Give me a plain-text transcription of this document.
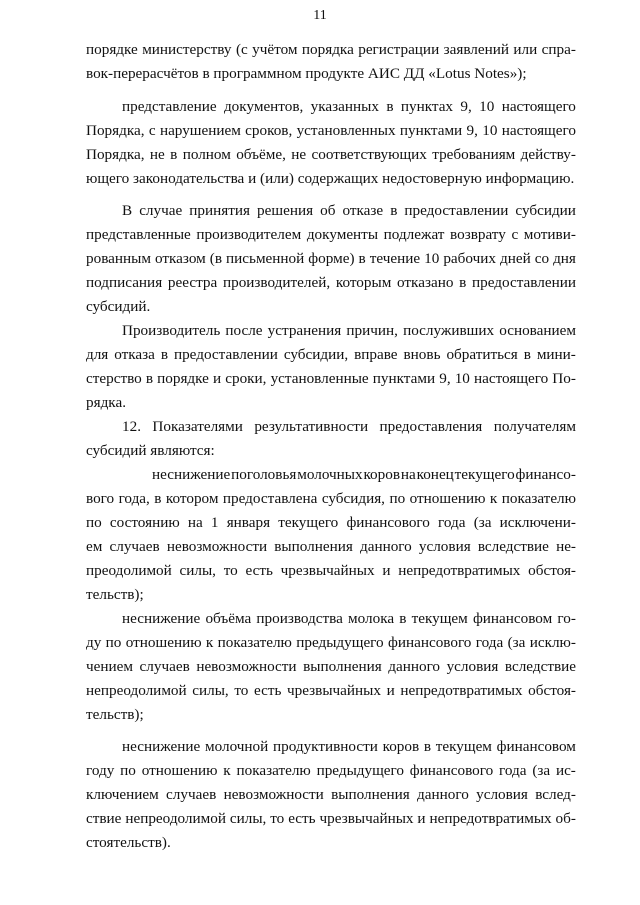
11
порядке министерству (с учётом порядка регистрации заявлений или спра-
вок-перерасчётов в программном продукте АИС ДД «Lotus Notes»);
представление документов, указанных в пунктах 9, 10 настоящего
Порядка, с нарушением сроков, установленных пунктами 9, 10 настоящего
Порядка, не в полном объёме, не соответствующих требованиям действу-
ющего законодательства и (или) содержащих недостоверную информацию.
В случае принятия решения об отказе в предоставлении субсидии
представленные производителем документы подлежат возврату с мотиви-
рованным отказом (в письменной форме) в течение 10 рабочих дней со дня
подписания реестра производителей, которым отказано в предоставлении
субсидий.
Производитель после устранения причин, послуживших основанием
для отказа в предоставлении субсидии, вправе вновь обратиться в мини-
стерство в порядке и сроки, установленные пунктами 9, 10 настоящего По-
рядка.
12. Показателями результативности предоставления получателям
субсидий являются:
неснижение поголовья молочных коров на конец текущего финансо-
вого года, в котором предоставлена субсидия, по отношению к показателю
по состоянию на 1 января текущего финансового года (за исключени-
ем случаев невозможности выполнения данного условия вследствие не-
преодолимой силы, то есть чрезвычайных и непредотвратимых обстоя-
тельств);
неснижение объёма производства молока в текущем финансовом го-
ду по отношению к показателю предыдущего финансового года (за исклю-
чением случаев невозможности выполнения данного условия вследствие
непреодолимой силы, то есть чрезвычайных и непредотвратимых обстоя-
тельств);
неснижение молочной продуктивности коров в текущем финансовом
году по отношению к показателю предыдущего финансового года (за ис-
ключением случаев невозможности выполнения данного условия вслед-
ствие непреодолимой силы, то есть чрезвычайных и непредотвратимых об-
стоятельств).
